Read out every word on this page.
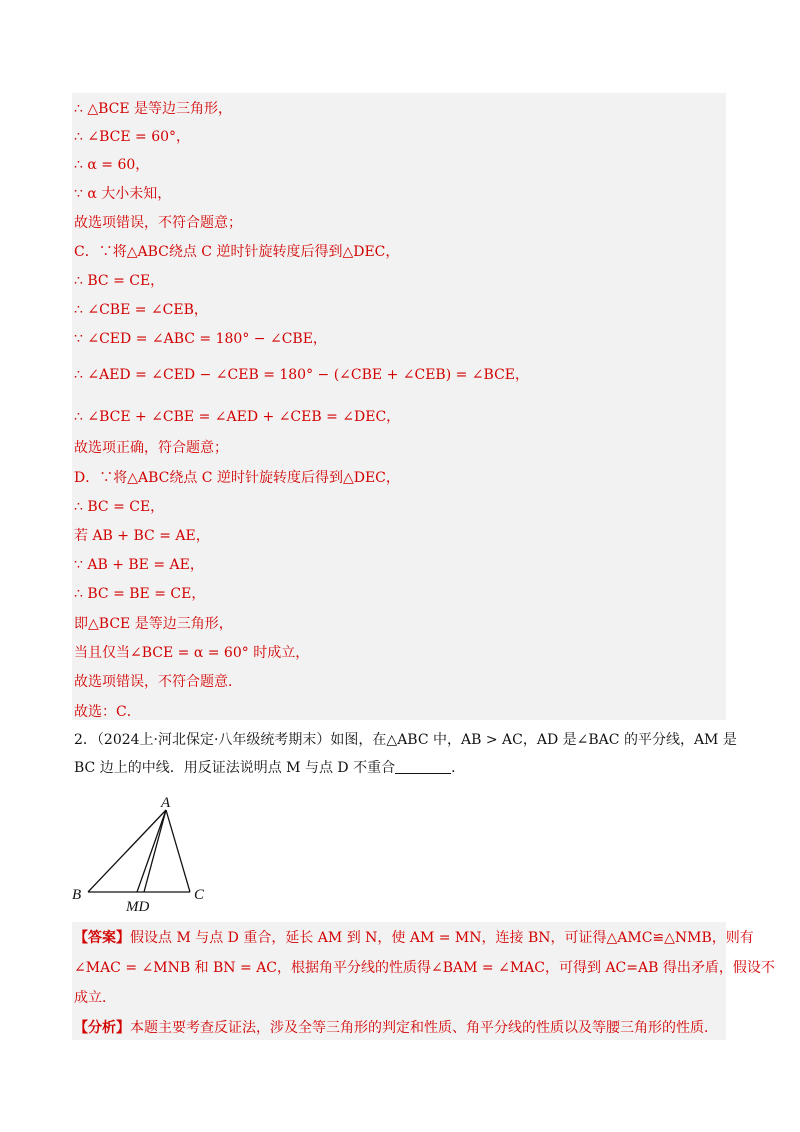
∴ △BCE 是等边三角形，
∴ ∠BCE = 60°，
∴ α = 60，
∵ α 大小未知，
故选项错误，不符合题意；
C．∵将△ABC绕点 C 逆时针旋转度后得到△DEC，
∴ BC = CE，
∴ ∠CBE = ∠CEB，
∵ ∠CED = ∠ABC = 180° − ∠CBE，
∴ ∠AED = ∠CED − ∠CEB = 180° − (∠CBE + ∠CEB) = ∠BCE，
∴ ∠BCE + ∠CBE = ∠AED + ∠CEB = ∠DEC，
故选项正确，符合题意；
D．∵将△ABC绕点 C 逆时针旋转度后得到△DEC，
∴ BC = CE，
若 AB + BC = AE，
∵ AB + BE = AE，
∴ BC = BE = CE，
即△BCE 是等边三角形，
当且仅当∠BCE = α = 60° 时成立，
故选项错误，不符合题意．
故选：C．
2．（2024上·河北保定·八年级统考期末）如图，在△ABC 中，AB > AC，AD 是∠BAC 的平分线，AM 是
BC 边上的中线．用反证法说明点 M 与点 D 不重合	．
A
B	C
MD
【答案】假设点 M 与点 D 重合，延长 AM 到 N，使 AM = MN，连接 BN，可证得△AMC≌△NMB，则有
∠MAC = ∠MNB 和 BN = AC，根据角平分线的性质得∠BAM = ∠MAC，可得到 AC=AB 得出矛盾，假设不
成立．
【分析】本题主要考查反证法，涉及全等三角形的判定和性质、角平分线的性质以及等腰三角形的性质．
